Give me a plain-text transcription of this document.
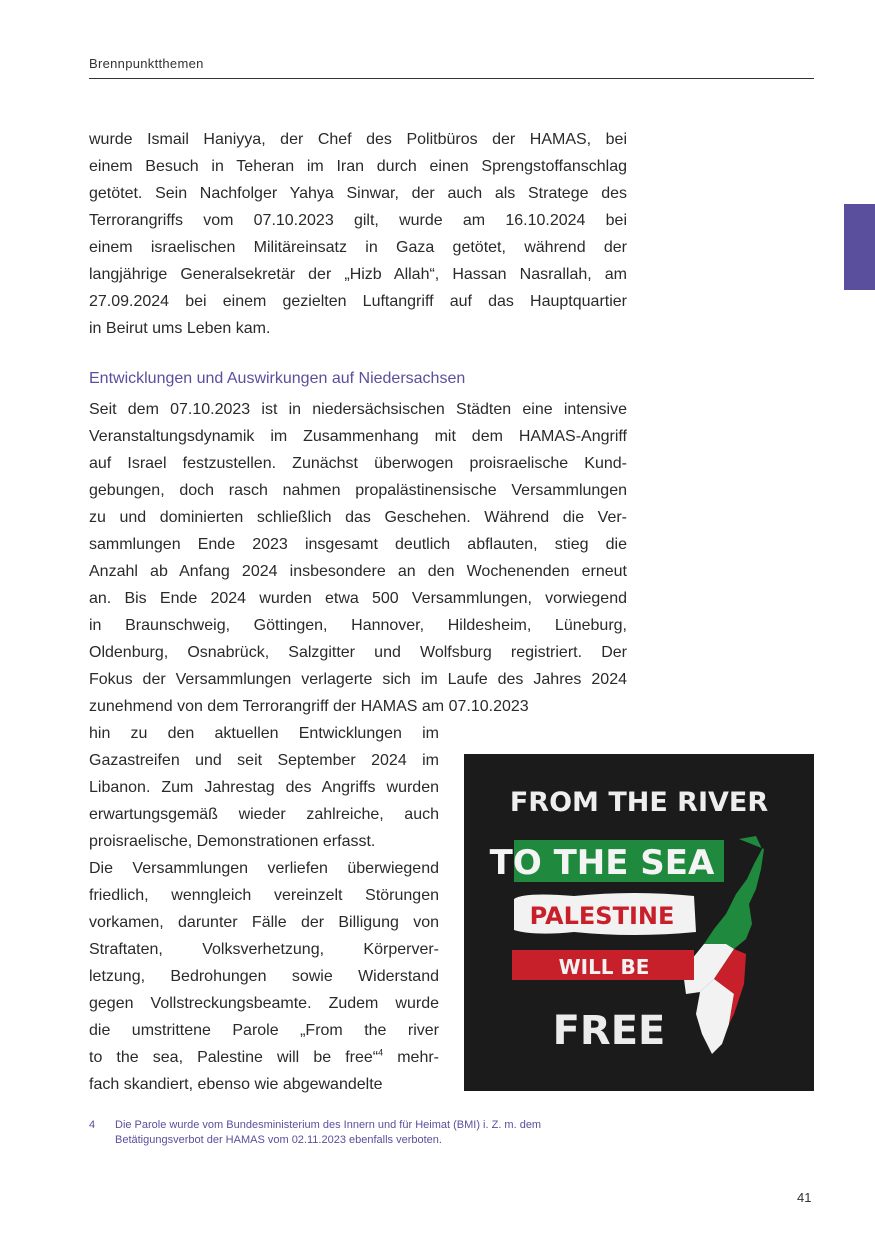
Brennpunktthemen
wurde Ismail Haniyya, der Chef des Politbüros der HAMAS, bei
einem Besuch in Teheran im Iran durch einen Sprengstoffanschlag
getötet. Sein Nachfolger Yahya Sinwar, der auch als Stratege des
Terrorangriffs vom 07.10.2023 gilt, wurde am 16.10.2024 bei
einem israelischen Militäreinsatz in Gaza getötet, während der
langjährige Generalsekretär der „Hizb Allah“, Hassan Nasrallah, am
27.09.2024 bei einem gezielten Luftangriff auf das Hauptquartier
in Beirut ums Leben kam.
Entwicklungen und Auswirkungen auf Niedersachsen
Seit dem 07.10.2023 ist in niedersächsischen Städten eine intensive
Veranstaltungsdynamik im Zusammenhang mit dem HAMAS-Angriff
auf Israel festzustellen. Zunächst überwogen proisraelische Kund-
gebungen, doch rasch nahmen propalästinensische Versammlungen
zu und dominierten schließlich das Geschehen. Während die Ver-
sammlungen Ende 2023 insgesamt deutlich abflauten, stieg die
Anzahl ab Anfang 2024 insbesondere an den Wochenenden erneut
an. Bis Ende 2024 wurden etwa 500 Versammlungen, vorwiegend
in Braunschweig, Göttingen, Hannover, Hildesheim, Lüneburg,
Oldenburg, Osnabrück, Salzgitter und Wolfsburg registriert. Der
Fokus der Versammlungen verlagerte sich im Laufe des Jahres 2024
zunehmend von dem Terrorangriff der HAMAS am 07.10.2023
hin zu den aktuellen Entwicklungen im
Gazastreifen und seit September 2024 im
Libanon. Zum Jahrestag des Angriffs wurden
erwartungsgemäß wieder zahlreiche, auch
proisraelische, Demonstrationen erfasst.
Die Versammlungen verliefen überwiegend
friedlich, wenngleich vereinzelt Störungen
vorkamen, darunter Fälle der Billigung von
Straftaten, Volksverhetzung, Körperver-
letzung, Bedrohungen sowie Widerstand
gegen Vollstreckungsbeamte. Zudem wurde
die umstrittene Parole „From the river
to the sea, Palestine will be free“$^4$ mehr-
fach skandiert, ebenso wie abgewandelte
FROM THE RIVER
TO THE SEA
PALESTINE
WILL BE
FREE
4 Die Parole wurde vom Bundesministerium des Innern und für Heimat (BMI) i. Z. m. dem Betätigungsverbot der HAMAS vom 02.11.2023 ebenfalls verboten.
41
